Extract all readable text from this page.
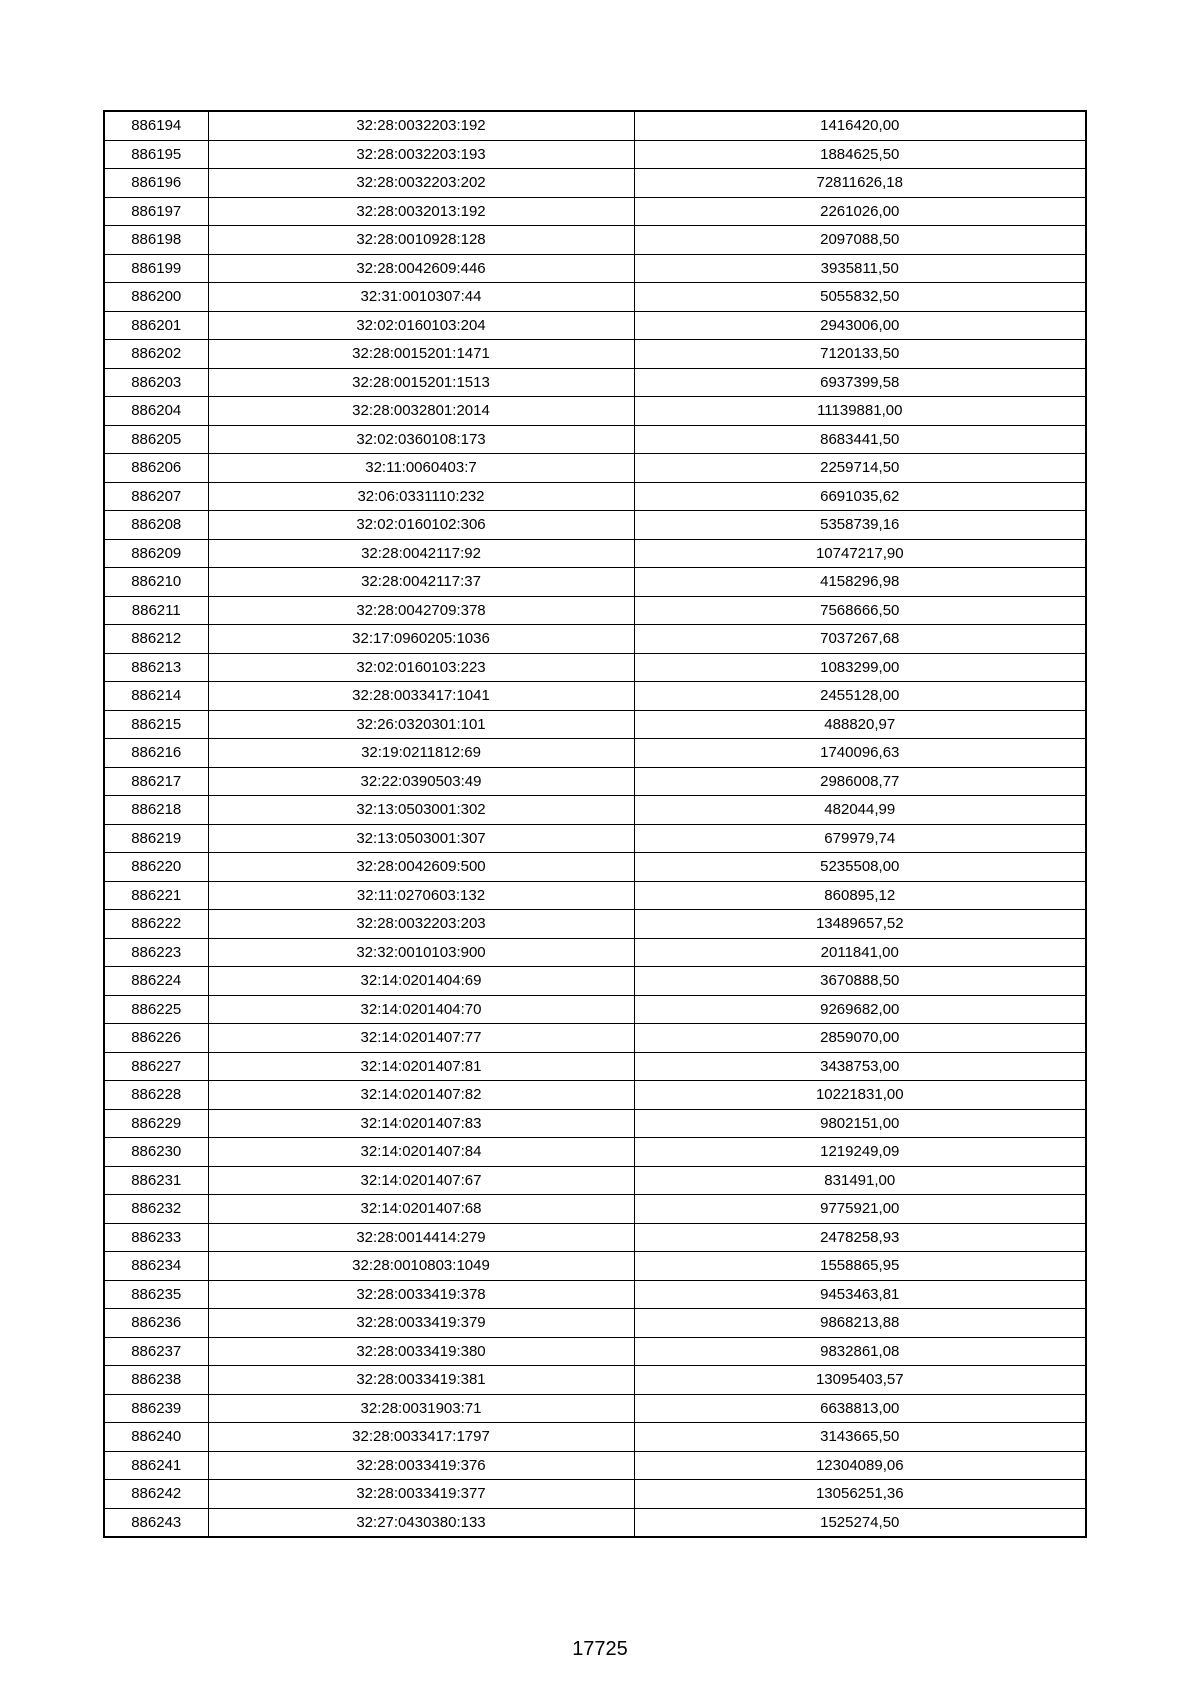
886194	32:28:0032203:192	1416420,00
886195	32:28:0032203:193	1884625,50
886196	32:28:0032203:202	72811626,18
886197	32:28:0032013:192	2261026,00
886198	32:28:0010928:128	2097088,50
886199	32:28:0042609:446	3935811,50
886200	32:31:0010307:44	5055832,50
886201	32:02:0160103:204	2943006,00
886202	32:28:0015201:1471	7120133,50
886203	32:28:0015201:1513	6937399,58
886204	32:28:0032801:2014	11139881,00
886205	32:02:0360108:173	8683441,50
886206	32:11:0060403:7	2259714,50
886207	32:06:0331110:232	6691035,62
886208	32:02:0160102:306	5358739,16
886209	32:28:0042117:92	10747217,90
886210	32:28:0042117:37	4158296,98
886211	32:28:0042709:378	7568666,50
886212	32:17:0960205:1036	7037267,68
886213	32:02:0160103:223	1083299,00
886214	32:28:0033417:1041	2455128,00
886215	32:26:0320301:101	488820,97
886216	32:19:0211812:69	1740096,63
886217	32:22:0390503:49	2986008,77
886218	32:13:0503001:302	482044,99
886219	32:13:0503001:307	679979,74
886220	32:28:0042609:500	5235508,00
886221	32:11:0270603:132	860895,12
886222	32:28:0032203:203	13489657,52
886223	32:32:0010103:900	2011841,00
886224	32:14:0201404:69	3670888,50
886225	32:14:0201404:70	9269682,00
886226	32:14:0201407:77	2859070,00
886227	32:14:0201407:81	3438753,00
886228	32:14:0201407:82	10221831,00
886229	32:14:0201407:83	9802151,00
886230	32:14:0201407:84	1219249,09
886231	32:14:0201407:67	831491,00
886232	32:14:0201407:68	9775921,00
886233	32:28:0014414:279	2478258,93
886234	32:28:0010803:1049	1558865,95
886235	32:28:0033419:378	9453463,81
886236	32:28:0033419:379	9868213,88
886237	32:28:0033419:380	9832861,08
886238	32:28:0033419:381	13095403,57
886239	32:28:0031903:71	6638813,00
886240	32:28:0033417:1797	3143665,50
886241	32:28:0033419:376	12304089,06
886242	32:28:0033419:377	13056251,36
886243	32:27:0430380:133	1525274,50
17725
